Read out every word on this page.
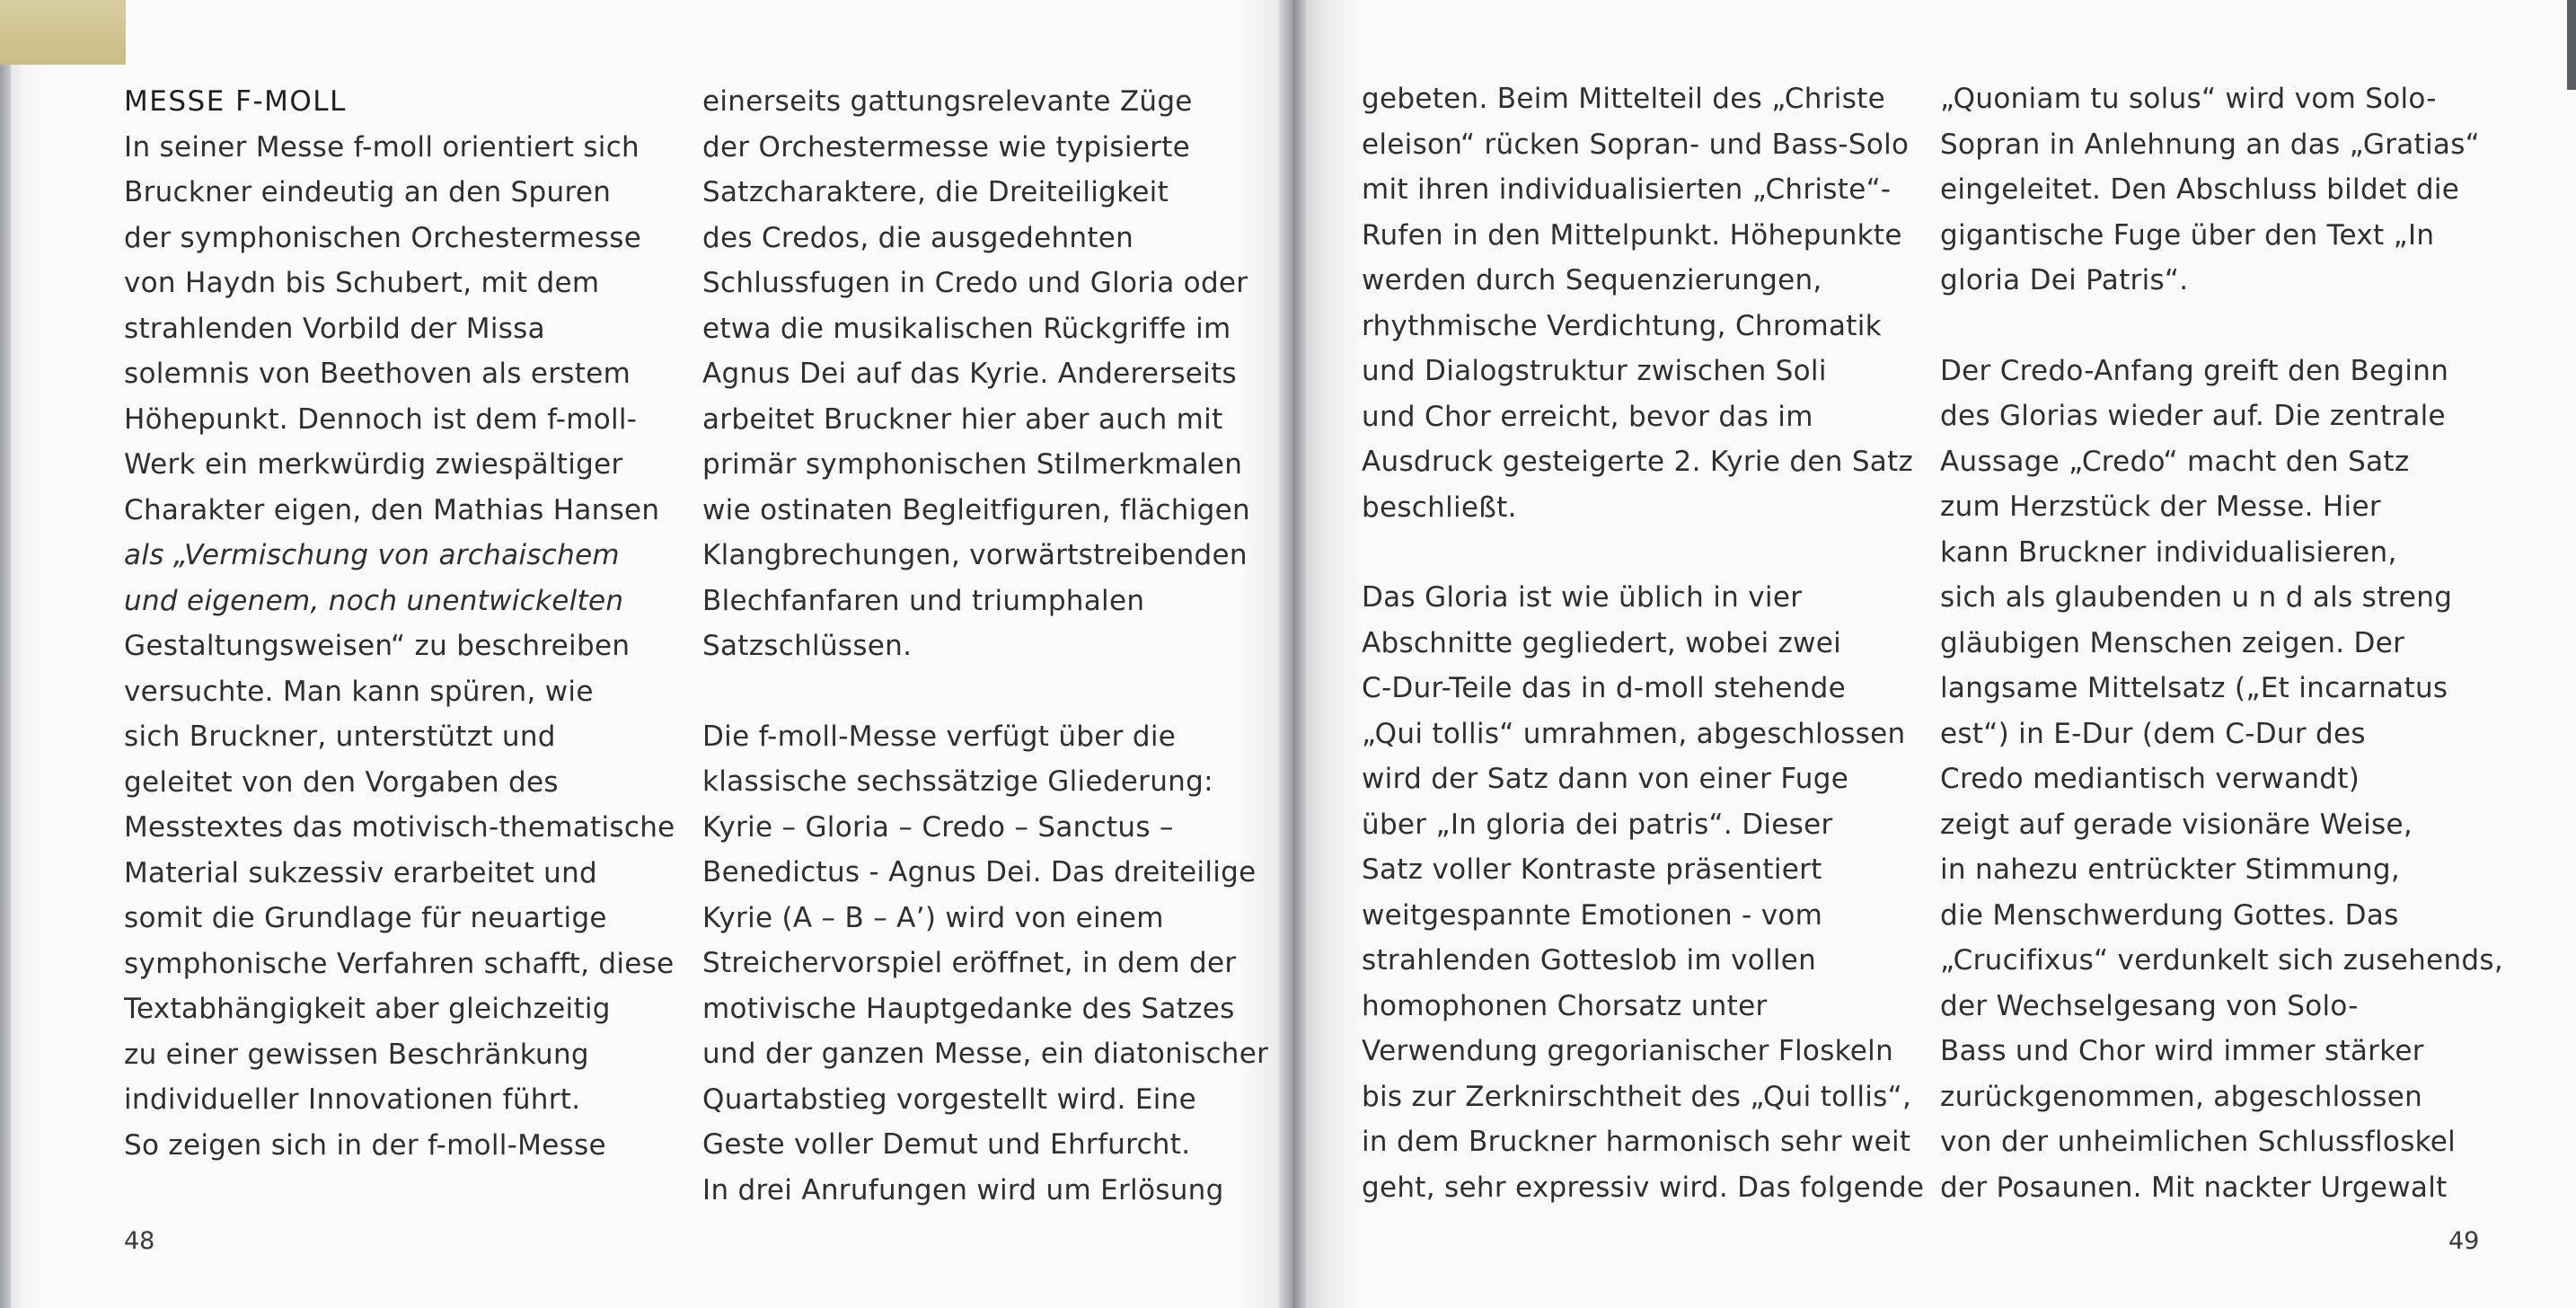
MESSE F-MOLL

In seiner Messe f-moll orientiert sich
Bruckner eindeutig an den Spuren
der symphonischen Orchestermesse
von Haydn bis Schubert, mit dem
strahlenden Vorbild der Missa
solemnis von Beethoven als erstem
Höhepunkt. Dennoch ist dem f-moll-
Werk ein merkwürdig zwiespältiger
Charakter eigen, den Mathias Hansen
als „Vermischung von archaischem
und eigenem, noch unentwickelten
Gestaltungsweisen“ zu beschreiben
versuchte. Man kann spüren, wie
sich Bruckner, unterstützt und
geleitet von den Vorgaben des
Messtextes das motivisch-thematische
Material sukzessiv erarbeitet und
somit die Grundlage für neuartige
symphonische Verfahren schafft, diese
Textabhängigkeit aber gleichzeitig
zu einer gewissen Beschränkung
individueller Innovationen führt.
So zeigen sich in der f-moll-Messe

einerseits gattungsrelevante Züge
der Orchestermesse wie typisierte
Satzcharaktere, die Dreiteiligkeit
des Credos, die ausgedehnten
Schlussfugen in Credo und Gloria oder
etwa die musikalischen Rückgriffe im
Agnus Dei auf das Kyrie. Andererseits
arbeitet Bruckner hier aber auch mit
primär symphonischen Stilmerkmalen
wie ostinaten Begleitfiguren, flächigen
Klangbrechungen, vorwärtstreibenden
Blechfanfaren und triumphalen
Satzschlüssen.

Die f-moll-Messe verfügt über die
klassische sechssätzige Gliederung:
Kyrie – Gloria – Credo – Sanctus –
Benedictus - Agnus Dei. Das dreiteilige
Kyrie (A – B – A’) wird von einem
Streichervorspiel eröffnet, in dem der
motivische Hauptgedanke des Satzes
und der ganzen Messe, ein diatonischer
Quartabstieg vorgestellt wird. Eine
Geste voller Demut und Ehrfurcht.
In drei Anrufungen wird um Erlösung

48

gebeten. Beim Mittelteil des „Christe
eleison“ rücken Sopran- und Bass-Solo
mit ihren individualisierten „Christe“-
Rufen in den Mittelpunkt. Höhepunkte
werden durch Sequenzierungen,
rhythmische Verdichtung, Chromatik
und Dialogstruktur zwischen Soli
und Chor erreicht, bevor das im
Ausdruck gesteigerte 2. Kyrie den Satz
beschließt.

Das Gloria ist wie üblich in vier
Abschnitte gegliedert, wobei zwei
C-Dur-Teile das in d-moll stehende
„Qui tollis“ umrahmen, abgeschlossen
wird der Satz dann von einer Fuge
über „In gloria dei patris“. Dieser
Satz voller Kontraste präsentiert
weitgespannte Emotionen - vom
strahlenden Gotteslob im vollen
homophonen Chorsatz unter
Verwendung gregorianischer Floskeln
bis zur Zerknirschtheit des „Qui tollis“,
in dem Bruckner harmonisch sehr weit
geht, sehr expressiv wird. Das folgende

„Quoniam tu solus“ wird vom Solo-
Sopran in Anlehnung an das „Gratias“
eingeleitet. Den Abschluss bildet die
gigantische Fuge über den Text „In
gloria Dei Patris“.

Der Credo-Anfang greift den Beginn
des Glorias wieder auf. Die zentrale
Aussage „Credo“ macht den Satz
zum Herzstück der Messe. Hier
kann Bruckner individualisieren,
sich als glaubenden u n d als streng
gläubigen Menschen zeigen. Der
langsame Mittelsatz („Et incarnatus
est“) in E-Dur (dem C-Dur des
Credo mediantisch verwandt)
zeigt auf gerade visionäre Weise,
in nahezu entrückter Stimmung,
die Menschwerdung Gottes. Das
„Crucifixus“ verdunkelt sich zusehends,
der Wechselgesang von Solo-
Bass und Chor wird immer stärker
zurückgenommen, abgeschlossen
von der unheimlichen Schlussfloskel
der Posaunen. Mit nackter Urgewalt

49
